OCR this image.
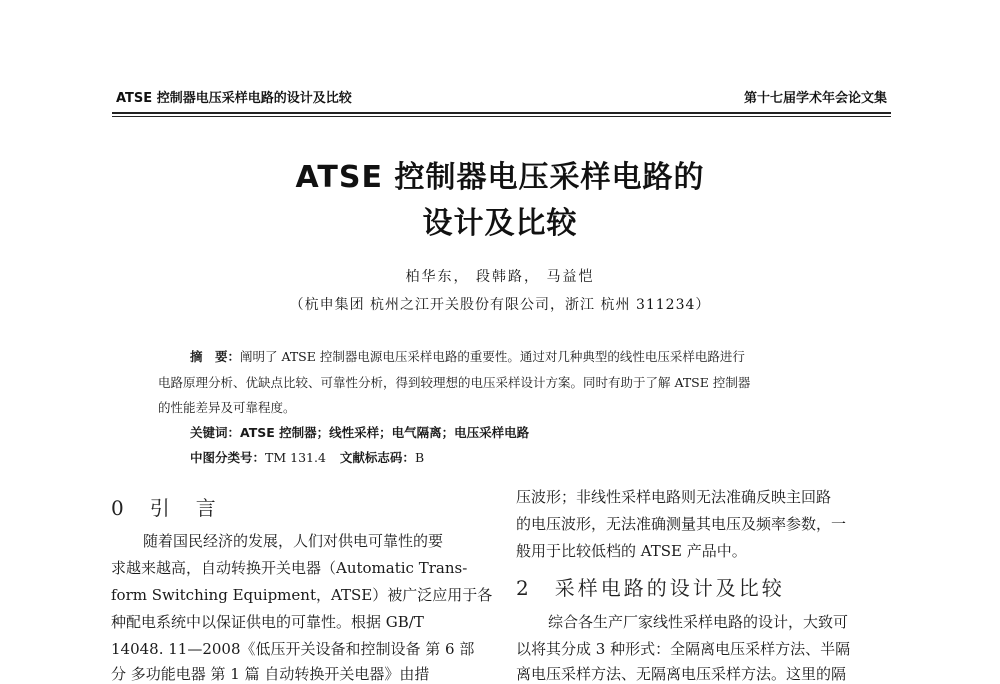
ATSE 控制器电压采样电路的设计及比较	第十七届学术年会论文集
ATSE 控制器电压采样电路的
设计及比较
柏华东， 段韩路， 马益恺
（杭申集团 杭州之江开关股份有限公司，浙江 杭州 311234）
摘　要：阐明了 ATSE 控制器电源电压采样电路的重要性。通过对几种典型的线性电压采样电路进行
电路原理分析、优缺点比较、可靠性分析，得到较理想的电压采样设计方案。同时有助于了解 ATSE 控制器
的性能差异及可靠程度。
关键词：ATSE 控制器；线性采样；电气隔离；电压采样电路
中图分类号：TM 131.4 文献标志码：B
0　引　言
随着国民经济的发展，人们对供电可靠性的要
求越来越高，自动转换开关电器（Automatic Trans-
form Switching Equipment，ATSE）被广泛应用于各
种配电系统中以保证供电的可靠性。根据 GB/T
14048. 11—2008《低压开关设备和控制设备 第 6 部
分 多功能电器 第 1 篇 自动转换开关电器》由措
压波形；非线性采样电路则无法准确反映主回路
的电压波形，无法准确测量其电压及频率参数，一
般用于比较低档的 ATSE 产品中。
2　采样电路的设计及比较
综合各生产厂家线性采样电路的设计，大致可
以将其分成 3 种形式：全隔离电压采样方法、半隔
离电压采样方法、无隔离电压采样方法。这里的隔
